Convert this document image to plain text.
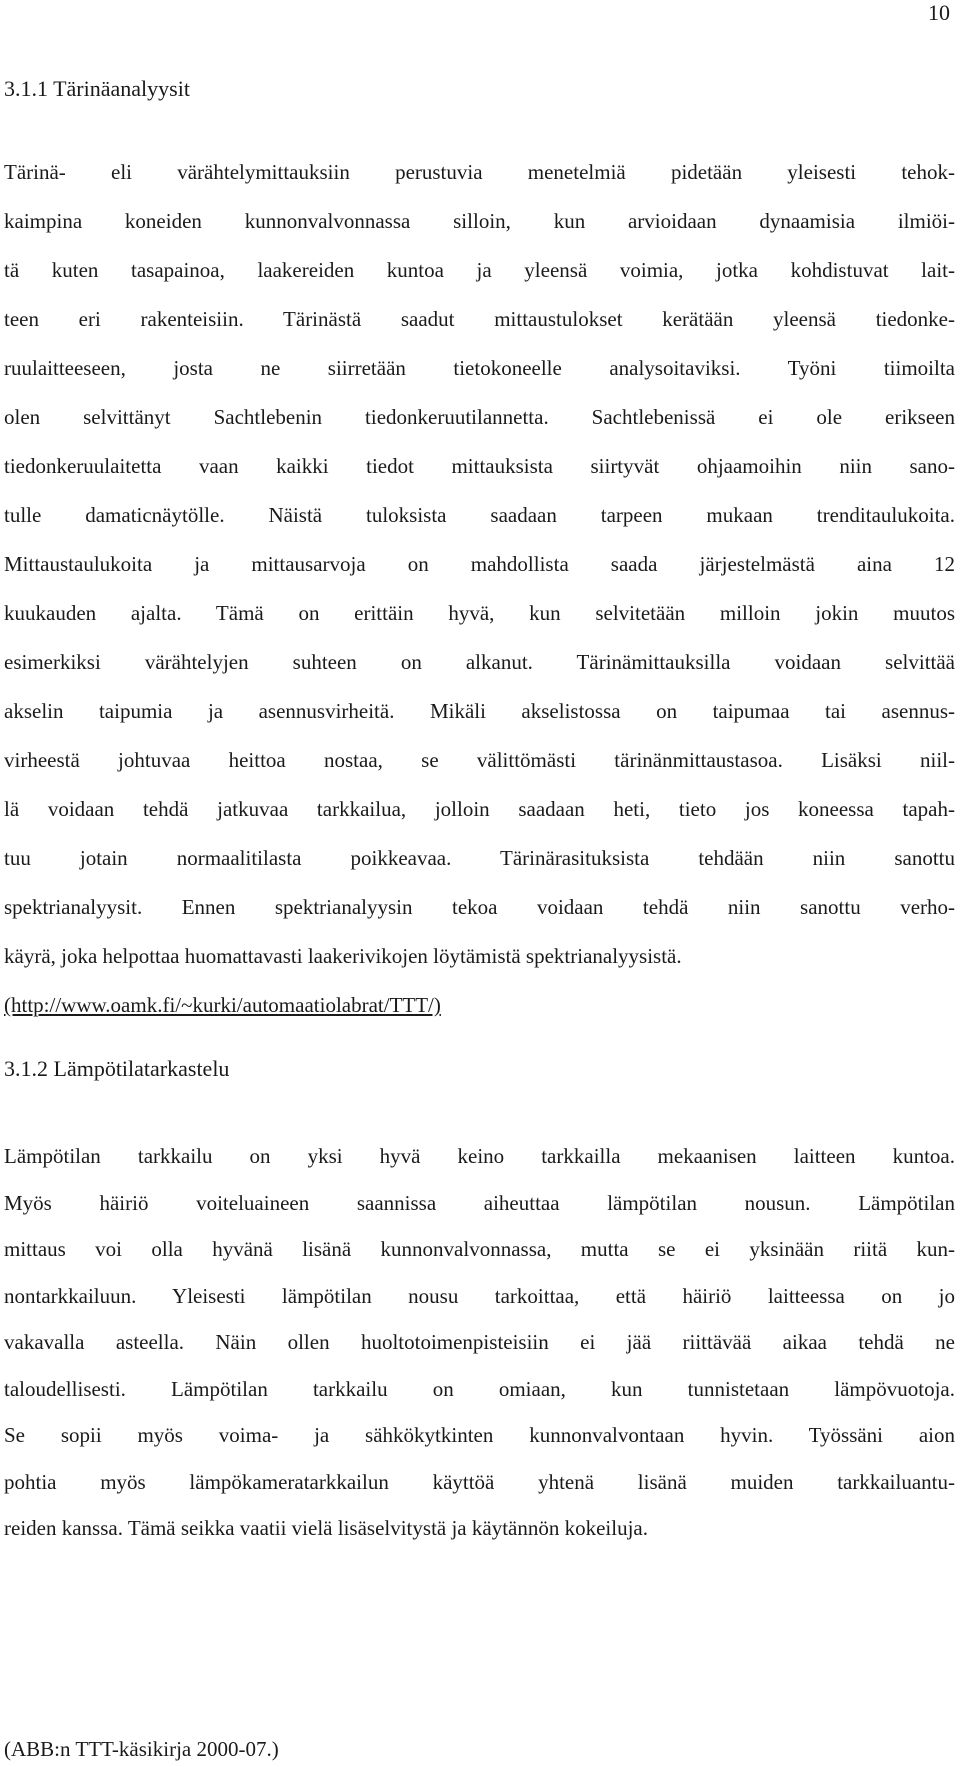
10
3.1.1 Tärinäanalyysit
Tärinä- eli värähtelymittauksiin perustuvia menetelmiä pidetään yleisesti tehok-
kaimpina koneiden kunnonvalvonnassa silloin, kun arvioidaan dynaamisia ilmiöi-
tä kuten tasapainoa, laakereiden kuntoa ja yleensä voimia, jotka kohdistuvat lait-
teen eri rakenteisiin. Tärinästä saadut mittaustulokset kerätään yleensä tiedonke-
ruulaitteeseen, josta ne siirretään tietokoneelle analysoitaviksi. Työni tiimoilta
olen selvittänyt Sachtlebenin tiedonkeruutilannetta. Sachtlebenissä ei ole erikseen
tiedonkeruulaitetta vaan kaikki tiedot mittauksista siirtyvät ohjaamoihin niin sano-
tulle damaticnäytölle. Näistä tuloksista saadaan tarpeen mukaan trenditaulukoita.
Mittaustaulukoita ja mittausarvoja on mahdollista saada järjestelmästä aina 12
kuukauden ajalta. Tämä on erittäin hyvä, kun selvitetään milloin jokin muutos
esimerkiksi värähtelyjen suhteen on alkanut. Tärinämittauksilla voidaan selvittää
akselin taipumia ja asennusvirheitä. Mikäli akselistossa on taipumaa tai asennus-
virheestä johtuvaa heittoa nostaa, se välittömästi tärinänmittaustasoa. Lisäksi niil-
lä voidaan tehdä jatkuvaa tarkkailua, jolloin saadaan heti, tieto jos koneessa tapah-
tuu jotain normaalitilasta poikkeavaa. Tärinärasituksista tehdään niin sanottu
spektrianalyysit. Ennen spektrianalyysin tekoa voidaan tehdä niin sanottu verho-
käyrä, joka helpottaa huomattavasti laakerivikojen löytämistä spektrianalyysistä.
(http://www.oamk.fi/~kurki/automaatiolabrat/TTT/)
3.1.2 Lämpötilatarkastelu
Lämpötilan tarkkailu on yksi hyvä keino tarkkailla mekaanisen laitteen kuntoa.
Myös häiriö voiteluaineen saannissa aiheuttaa lämpötilan nousun. Lämpötilan
mittaus voi olla hyvänä lisänä kunnonvalvonnassa, mutta se ei yksinään riitä kun-
nontarkkailuun. Yleisesti lämpötilan nousu tarkoittaa, että häiriö laitteessa on jo
vakavalla asteella. Näin ollen huoltotoimenpisteisiin ei jää riittävää aikaa tehdä ne
taloudellisesti. Lämpötilan tarkkailu on omiaan, kun tunnistetaan lämpövuotoja.
Se sopii myös voima- ja sähkökytkinten kunnonvalvontaan hyvin. Työssäni aion
pohtia myös lämpökameratarkkailun käyttöä yhtenä lisänä muiden tarkkailuantu-
reiden kanssa. Tämä seikka vaatii vielä lisäselvitystä ja käytännön kokeiluja.

(ABB:n TTT-käsikirja 2000-07.)
